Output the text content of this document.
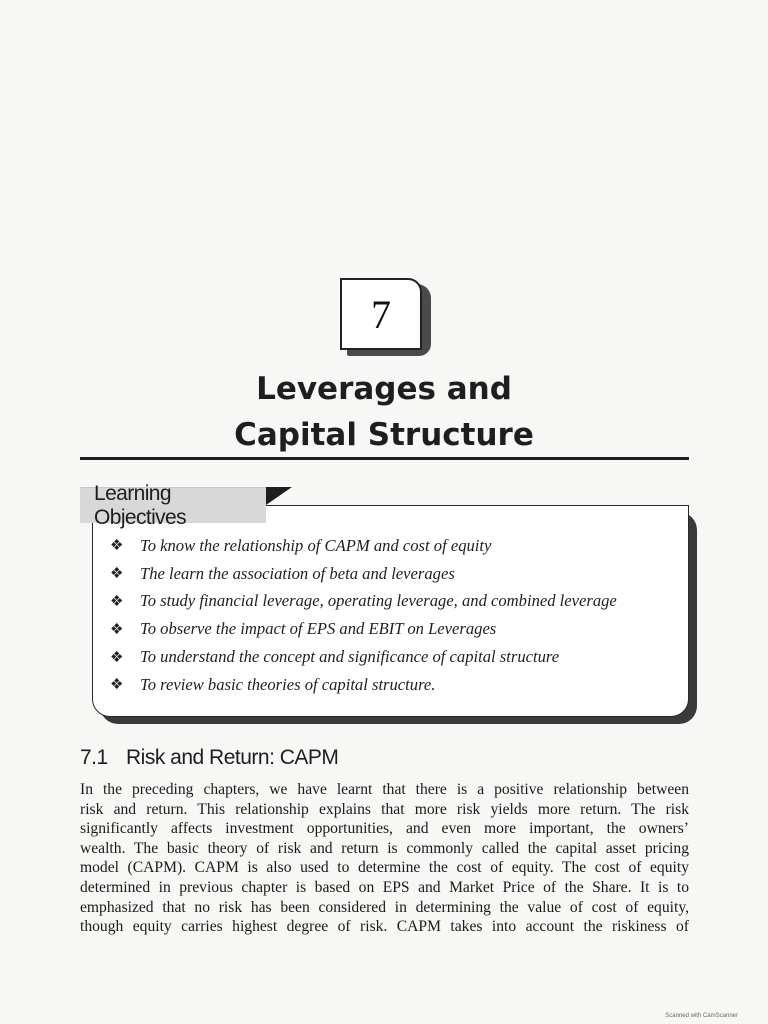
7
Leverages and
Capital Structure
Learning Objectives
❖ To know the relationship of CAPM and cost of equity
❖ The learn the association of beta and leverages
❖ To study financial leverage, operating leverage, and combined leverage
❖ To observe the impact of EPS and EBIT on Leverages
❖ To understand the concept and significance of capital structure
❖ To review basic theories of capital structure.
7.1 Risk and Return: CAPM
In the preceding chapters, we have learnt that there is a positive relationship between
risk and return. This relationship explains that more risk yields more return. The risk
significantly affects investment opportunities, and even more important, the owners’
wealth. The basic theory of risk and return is commonly called the capital asset pricing
model (CAPM). CAPM is also used to determine the cost of equity. The cost of equity
determined in previous chapter is based on EPS and Market Price of the Share. It is to
emphasized that no risk has been considered in determining the value of cost of equity,
though equity carries highest degree of risk. CAPM takes into account the riskiness of
Scanned with CamScanner
